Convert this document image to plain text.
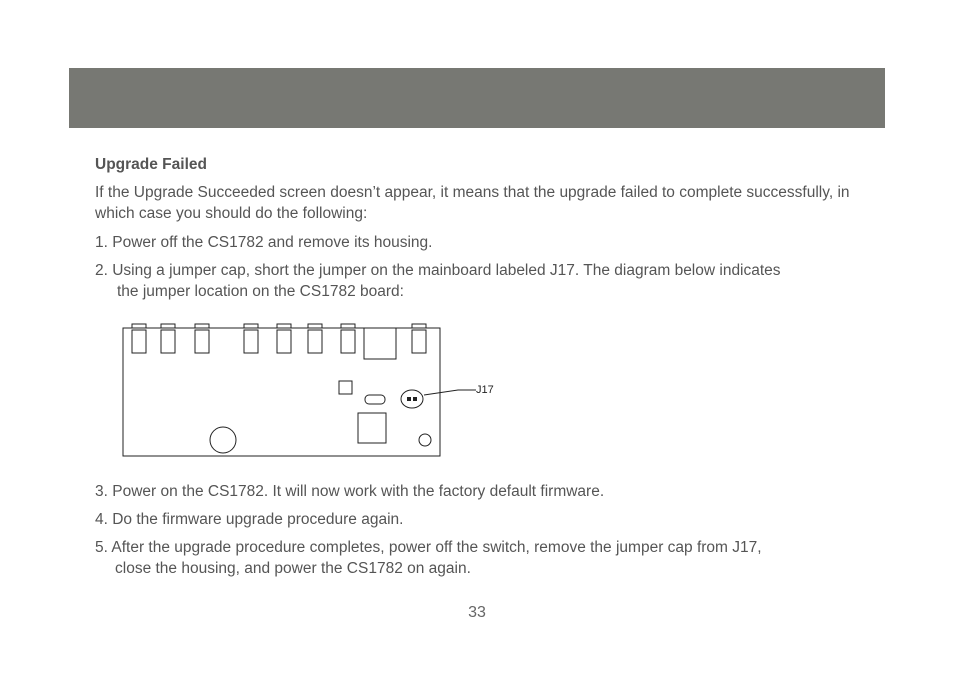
Upgrade Failed
If the Upgrade Succeeded screen doesn’t appear, it means that the upgrade failed to complete successfully, in which case you should do the following:
1. Power off the CS1782 and remove its housing.
2. Using a jumper cap, short the jumper on the mainboard labeled J17. The diagram below indicates
the jumper location on the CS1782 board:
J17
3. Power on the CS1782. It will now work with the factory default firmware.
4. Do the firmware upgrade procedure again.
5. After the upgrade procedure completes, power off the switch, remove the jumper cap from J17,
close the housing, and power the CS1782 on again.
33
